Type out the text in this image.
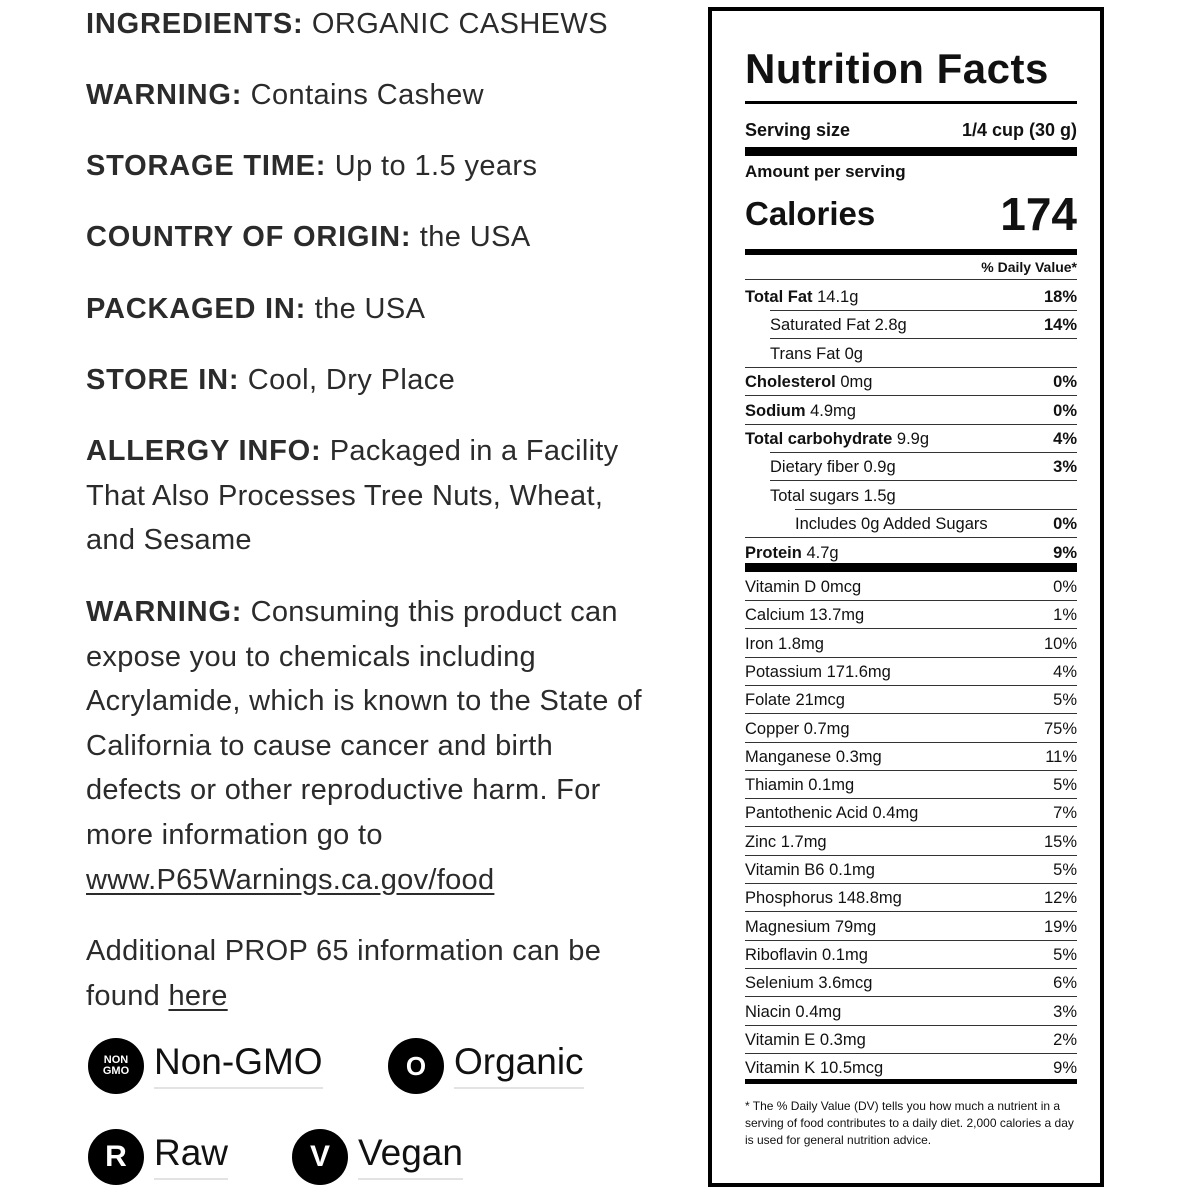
INGREDIENTS: ORGANIC CASHEWS
WARNING: Contains Cashew
STORAGE TIME: Up to 1.5 years
COUNTRY OF ORIGIN: the USA
PACKAGED IN: the USA
STORE IN: Cool, Dry Place
ALLERGY INFO: Packaged in a Facility That Also Processes Tree Nuts, Wheat, and Sesame
WARNING: Consuming this product can expose you to chemicals including Acrylamide, which is known to the State of California to cause cancer and birth defects or other reproductive harm. For more information go to www.P65Warnings.ca.gov/food
Additional PROP 65 information can be found here
NON
GMO Non-GMO	O Organic
R Raw	V Vegan
Nutrition Facts
Serving size	1/4 cup (30 g)
Amount per serving
Calories	174
% Daily Value*
Total Fat 14.1g	18%
Saturated Fat 2.8g	14%
Trans Fat 0g
Cholesterol 0mg	0%
Sodium 4.9mg	0%
Total carbohydrate 9.9g	4%
Dietary fiber 0.9g	3%
Total sugars 1.5g
Includes 0g Added Sugars	0%
Protein 4.7g	9%
Vitamin D 0mcg	0%
Calcium 13.7mg	1%
Iron 1.8mg	10%
Potassium 171.6mg	4%
Folate 21mcg	5%
Copper 0.7mg	75%
Manganese 0.3mg	11%
Thiamin 0.1mg	5%
Pantothenic Acid 0.4mg	7%
Zinc 1.7mg	15%
Vitamin B6 0.1mg	5%
Phosphorus 148.8mg	12%
Magnesium 79mg	19%
Riboflavin 0.1mg	5%
Selenium 3.6mcg	6%
Niacin 0.4mg	3%
Vitamin E 0.3mg	2%
Vitamin K 10.5mcg	9%
* The % Daily Value (DV) tells you how much a nutrient in a serving of food contributes to a daily diet. 2,000 calories a day is used for general nutrition advice.
